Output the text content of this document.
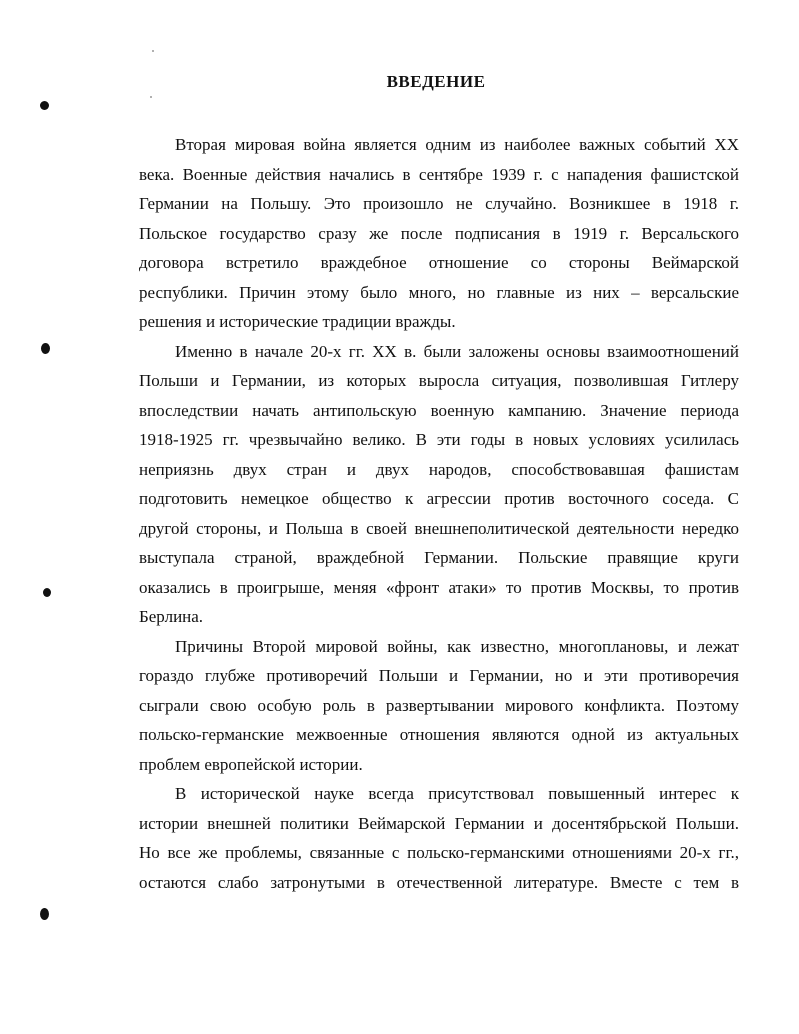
ВВЕДЕНИЕ
Вторая мировая война является одним из наиболее важных событий XX
века. Военные действия начались в сентябре 1939 г. с нападения фашистской
Германии на Польшу. Это произошло не случайно. Возникшее в 1918 г.
Польское государство сразу же после подписания в 1919 г. Версальского
договора встретило враждебное отношение со стороны Веймарской
республики. Причин этому было много, но главные из них – версальские
решения и исторические традиции вражды.
Именно в начале 20-х гг. XX в. были заложены основы взаимоотношений
Польши и Германии, из которых выросла ситуация, позволившая Гитлеру
впоследствии начать антипольскую военную кампанию. Значение периода
1918-1925 гг. чрезвычайно велико. В эти годы в новых условиях усилилась
неприязнь двух стран и двух народов, способствовавшая фашистам
подготовить немецкое общество к агрессии против восточного соседа. С
другой стороны, и Польша в своей внешнеполитической деятельности нередко
выступала страной, враждебной Германии. Польские правящие круги
оказались в проигрыше, меняя «фронт атаки» то против Москвы, то против
Берлина.
Причины Второй мировой войны, как известно, многоплановы, и лежат
гораздо глубже противоречий Польши и Германии, но и эти противоречия
сыграли свою особую роль в развертывании мирового конфликта. Поэтому
польско-германские межвоенные отношения являются одной из актуальных
проблем европейской истории.
В исторической науке всегда присутствовал повышенный интерес к
истории внешней политики Веймарской Германии и досентябрьской Польши.
Но все же проблемы, связанные с польско-германскими отношениями 20-х гг.,
остаются слабо затронутыми в отечественной литературе. Вместе с тем в
